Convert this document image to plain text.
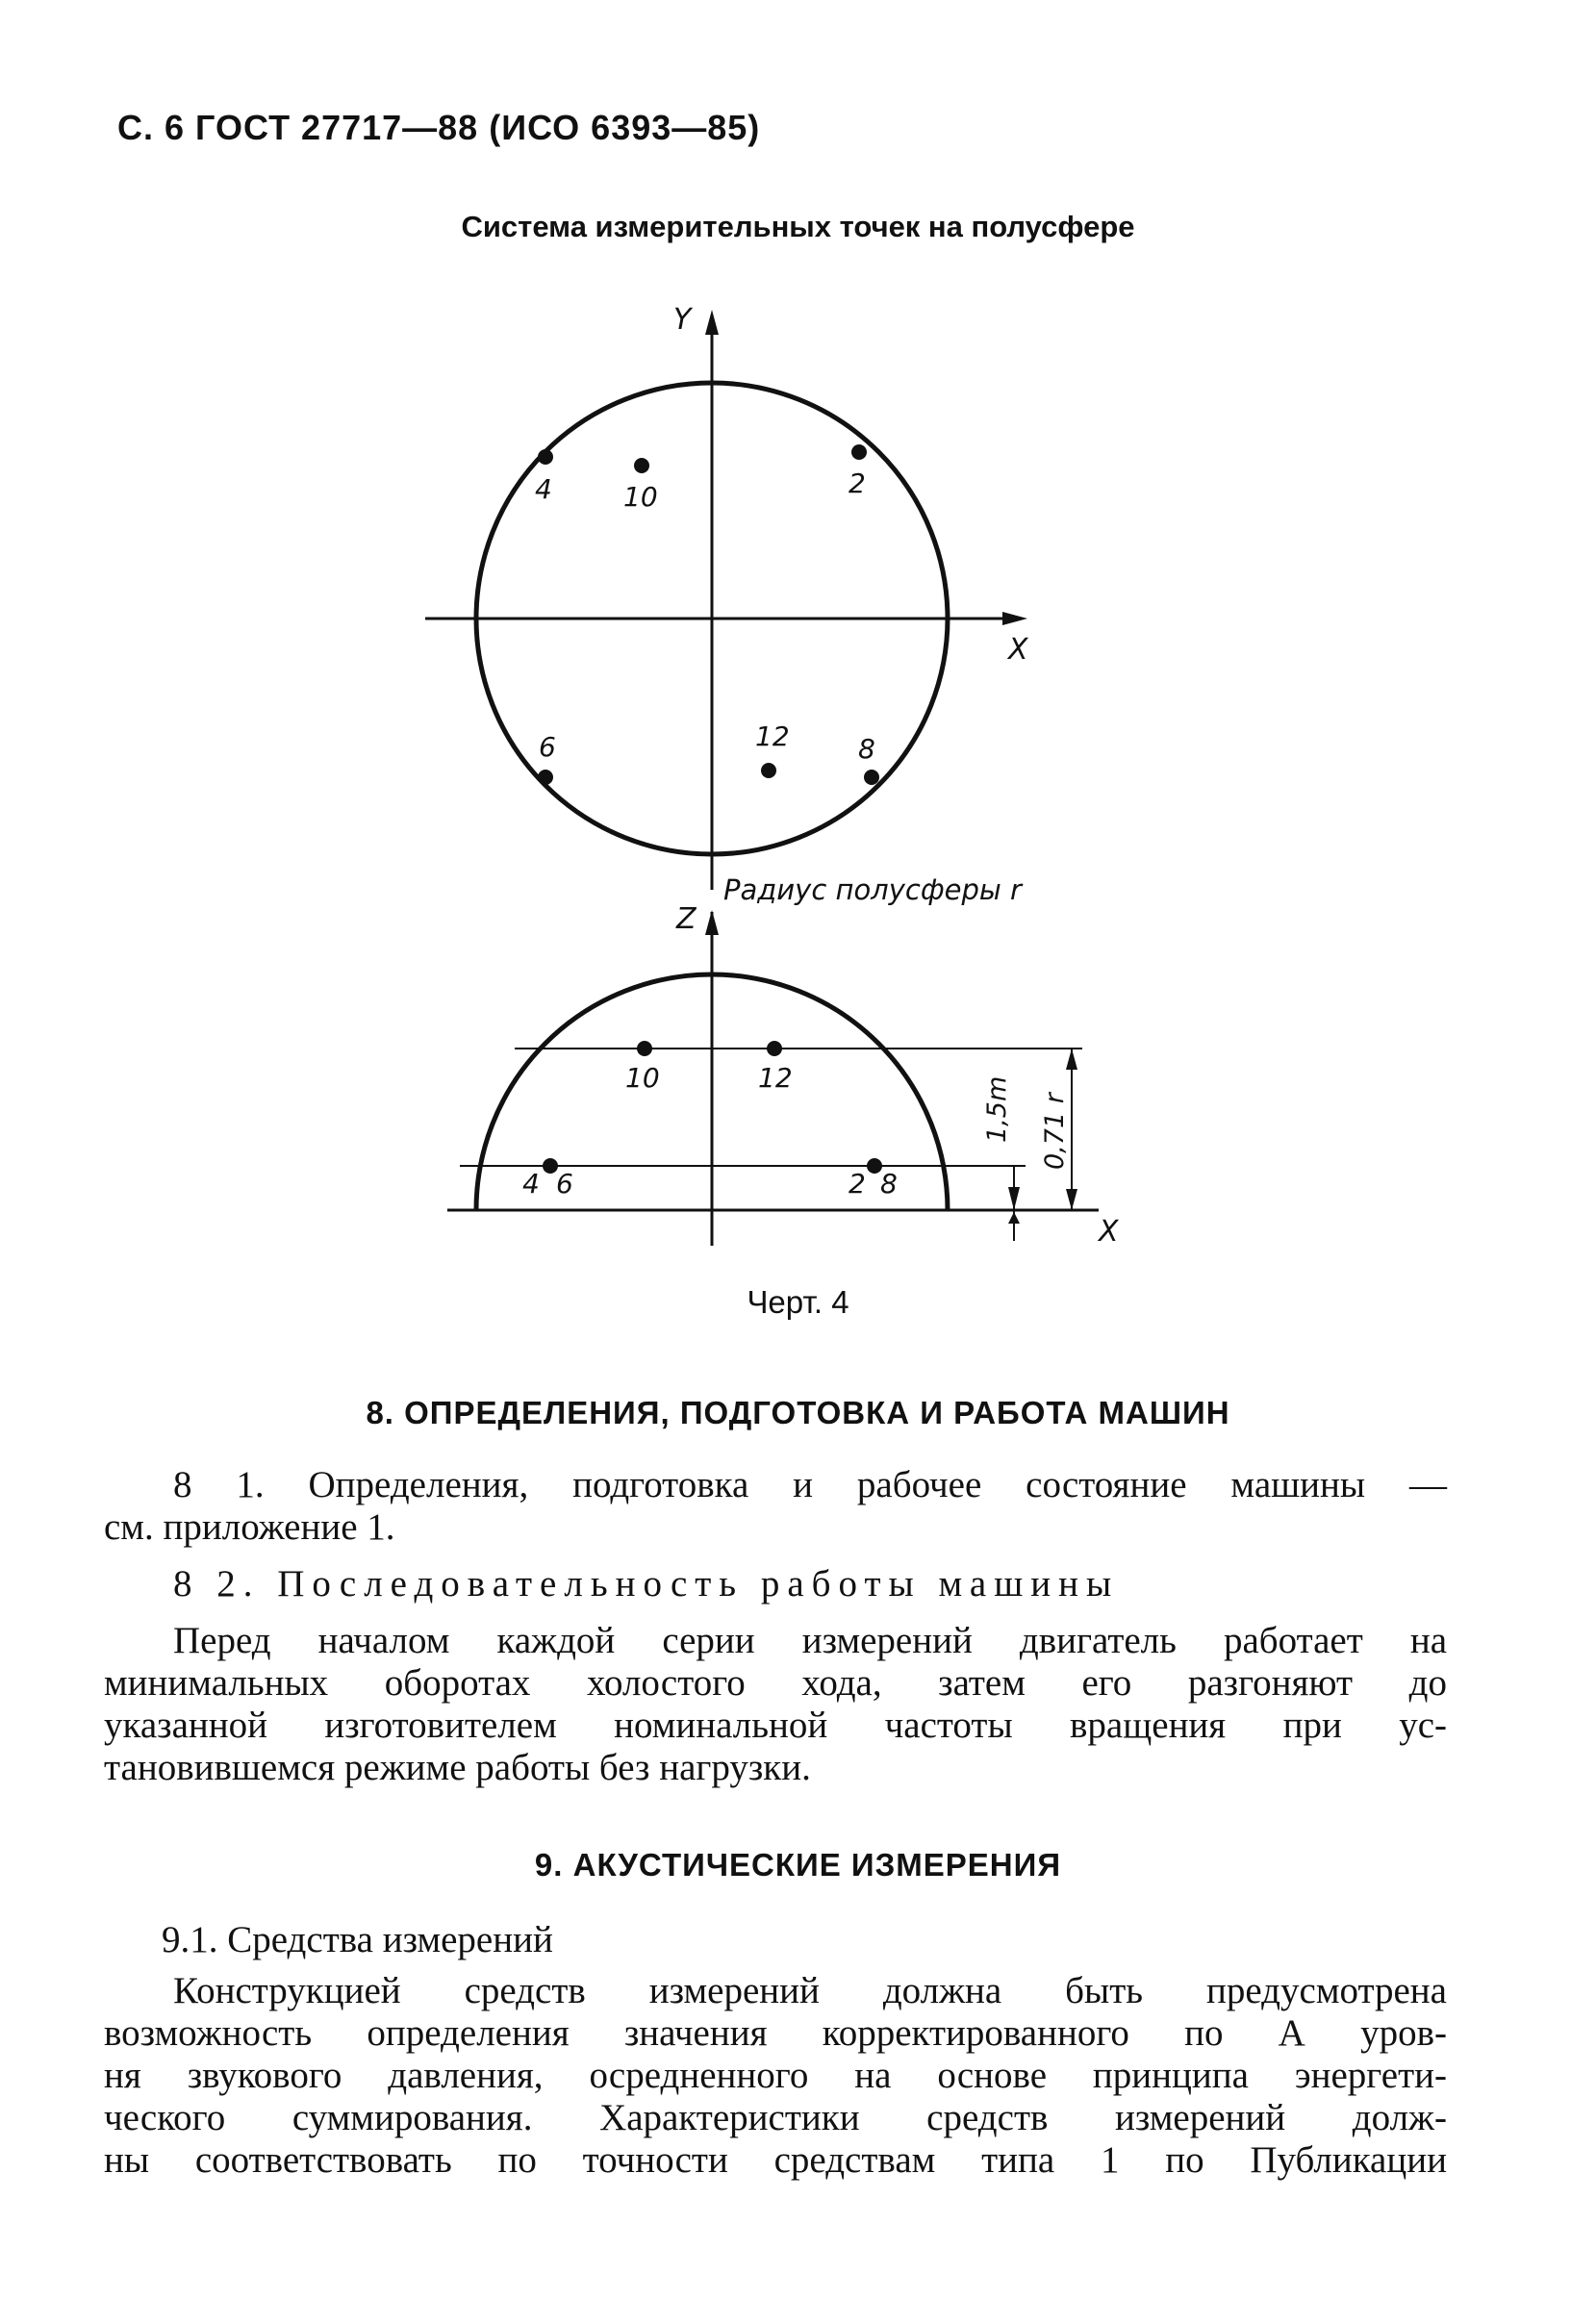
С. 6 ГОСТ 27717—88 (ИСО 6393—85)
Система измерительных точек на полусфере
Y
X
4	10	2
6	12	8
Радиус полусферы r
Z
X
10	12
4 6	2 8
1,5m 0,71 r
Черт. 4
8. ОПРЕДЕЛЕНИЯ, ПОДГОТОВКА И РАБОТА МАШИН
8 1. Определения, подготовка и рабочее состояние машины —
см. приложение 1.
8 2. Последовательность работы машины
Перед началом каждой серии измерений двигатель работает на
минимальных оборотах холостого хода, затем его разгоняют до
указанной изготовителем номинальной частоты вращения при ус-
тановившемся режиме работы без нагрузки.
9. АКУСТИЧЕСКИЕ ИЗМЕРЕНИЯ
9.1. Средства измерений
Конструкцией средств измерений должна быть предусмотрена
возможность определения значения корректированного по А уров-
ня звукового давления, осредненного на основе принципа энергети-
ческого суммирования. Характеристики средств измерений долж-
ны соответствовать по точности средствам типа 1 по Публикации
